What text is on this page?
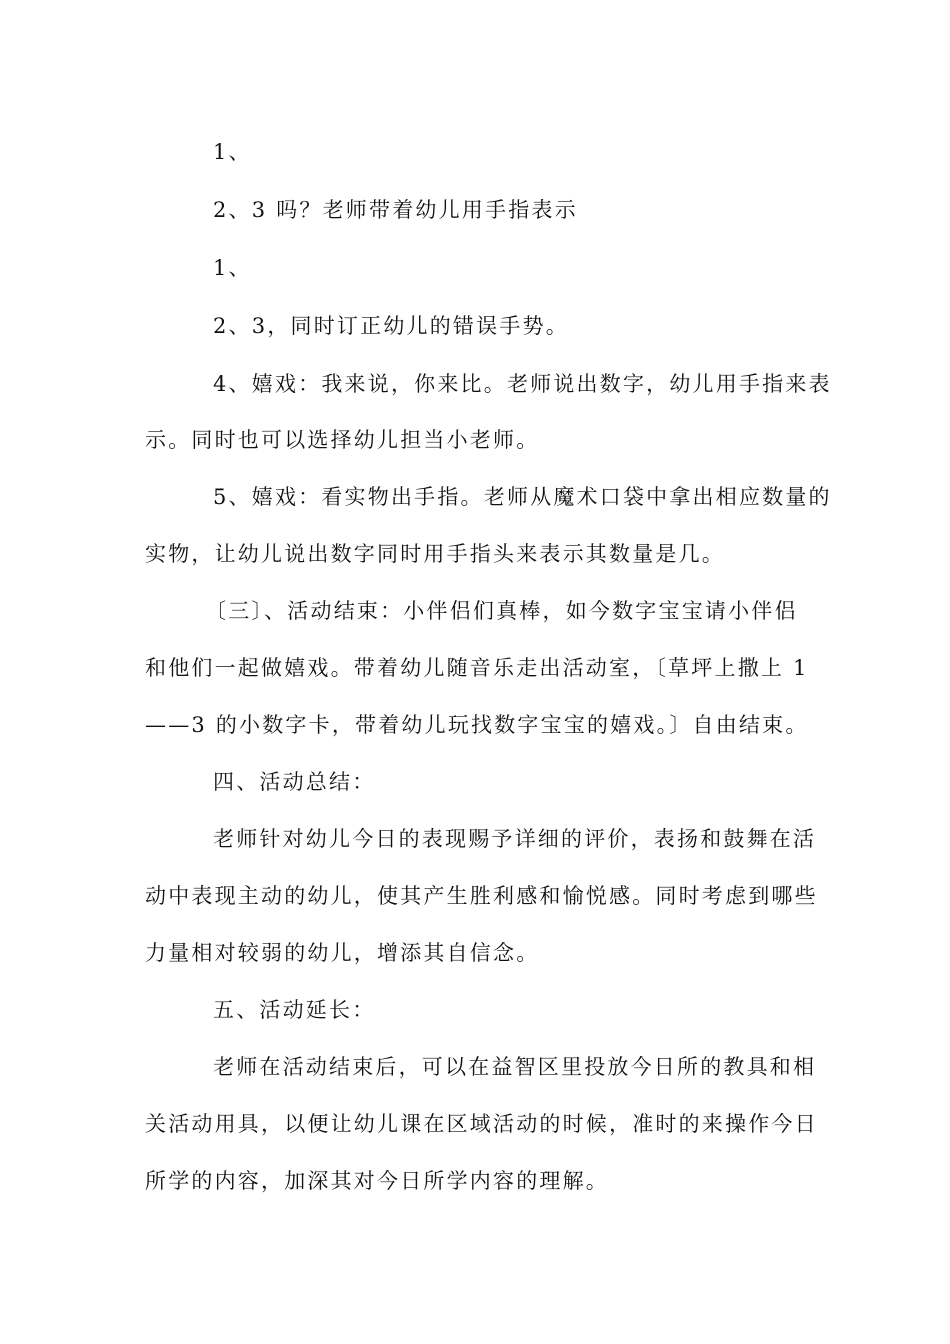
1、
2、3 吗？老师带着幼儿用手指表示
1、
2、3，同时订正幼儿的错误手势。
4、嬉戏：我来说，你来比。老师说出数字，幼儿用手指来表
示。同时也可以选择幼儿担当小老师。
5、嬉戏：看实物出手指。老师从魔术口袋中拿出相应数量的
实物，让幼儿说出数字同时用手指头来表示其数量是几。
〔三〕、活动结束：小伴侣们真棒，如今数字宝宝请小伴侣
和他们一起做嬉戏。带着幼儿随音乐走出活动室，〔草坪上撒上 1
——3 的小数字卡，带着幼儿玩找数字宝宝的嬉戏。〕自由结束。
四、活动总结：
老师针对幼儿今日的表现赐予详细的评价，表扬和鼓舞在活
动中表现主动的幼儿，使其产生胜利感和愉悦感。同时考虑到哪些
力量相对较弱的幼儿，增添其自信念。
五、活动延长：
老师在活动结束后，可以在益智区里投放今日所的教具和相
关活动用具，以便让幼儿课在区域活动的时候，准时的来操作今日
所学的内容，加深其对今日所学内容的理解。
